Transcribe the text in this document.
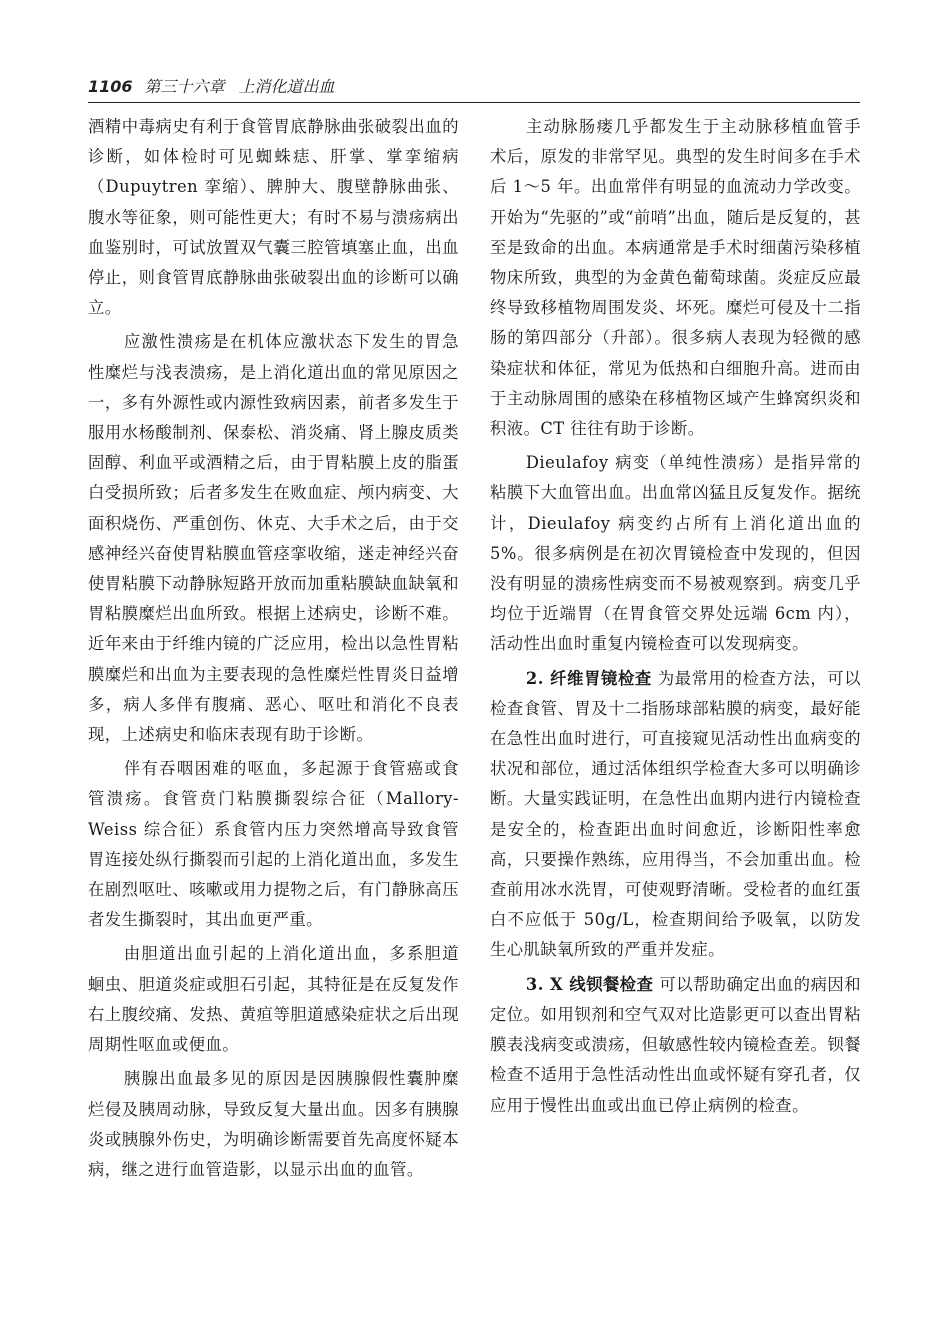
1106 第三十六章 上消化道出血

酒精中毒病史有利于食管胃底静脉曲张破裂出血的诊断，如体检时可见蜘蛛痣、肝掌、掌挛缩病（Dupuytren 挛缩）、脾肿大、腹壁静脉曲张、腹水等征象，则可能性更大；有时不易与溃疡病出血鉴别时，可试放置双气囊三腔管填塞止血，出血停止，则食管胃底静脉曲张破裂出血的诊断可以确立。

应激性溃疡是在机体应激状态下发生的胃急性糜烂与浅表溃疡，是上消化道出血的常见原因之一，多有外源性或内源性致病因素，前者多发生于服用水杨酸制剂、保泰松、消炎痛、肾上腺皮质类固醇、利血平或酒精之后，由于胃粘膜上皮的脂蛋白受损所致；后者多发生在败血症、颅内病变、大面积烧伤、严重创伤、休克、大手术之后，由于交感神经兴奋使胃粘膜血管痉挛收缩，迷走神经兴奋使胃粘膜下动静脉短路开放而加重粘膜缺血缺氧和胃粘膜糜烂出血所致。根据上述病史，诊断不难。近年来由于纤维内镜的广泛应用，检出以急性胃粘膜糜烂和出血为主要表现的急性糜烂性胃炎日益增多，病人多伴有腹痛、恶心、呕吐和消化不良表现，上述病史和临床表现有助于诊断。

伴有吞咽困难的呕血，多起源于食管癌或食管溃疡。食管贲门粘膜撕裂综合征（Mallory-Weiss 综合征）系食管内压力突然增高导致食管胃连接处纵行撕裂而引起的上消化道出血，多发生在剧烈呕吐、咳嗽或用力提物之后，有门静脉高压者发生撕裂时，其出血更严重。

由胆道出血引起的上消化道出血，多系胆道蛔虫、胆道炎症或胆石引起，其特征是在反复发作右上腹绞痛、发热、黄疸等胆道感染症状之后出现周期性呕血或便血。

胰腺出血最多见的原因是因胰腺假性囊肿糜烂侵及胰周动脉，导致反复大量出血。因多有胰腺炎或胰腺外伤史，为明确诊断需要首先高度怀疑本病，继之进行血管造影，以显示出血的血管。

主动脉肠瘘几乎都发生于主动脉移植血管手术后，原发的非常罕见。典型的发生时间多在手术后 1～5 年。出血常伴有明显的血流动力学改变。开始为“先驱的”或“前哨”出血，随后是反复的，甚至是致命的出血。本病通常是手术时细菌污染移植物床所致，典型的为金黄色葡萄球菌。炎症反应最终导致移植物周围发炎、坏死。糜烂可侵及十二指肠的第四部分（升部）。很多病人表现为轻微的感染症状和体征，常见为低热和白细胞升高。进而由于主动脉周围的感染在移植物区域产生蜂窝织炎和积液。CT 往往有助于诊断。

Dieulafoy 病变（单纯性溃疡）是指异常的粘膜下大血管出血。出血常凶猛且反复发作。据统计，Dieulafoy 病变约占所有上消化道出血的 5%。很多病例是在初次胃镜检查中发现的，但因没有明显的溃疡性病变而不易被观察到。病变几乎均位于近端胃（在胃食管交界处远端 6cm 内），活动性出血时重复内镜检查可以发现病变。

2. 纤维胃镜检查 为最常用的检查方法，可以检查食管、胃及十二指肠球部粘膜的病变，最好能在急性出血时进行，可直接窥见活动性出血病变的状况和部位，通过活体组织学检查大多可以明确诊断。大量实践证明，在急性出血期内进行内镜检查是安全的，检查距出血时间愈近，诊断阳性率愈高，只要操作熟练，应用得当，不会加重出血。检查前用冰水洗胃，可使观野清晰。受检者的血红蛋白不应低于 50g/L，检查期间给予吸氧，以防发生心肌缺氧所致的严重并发症。

3. X 线钡餐检查 可以帮助确定出血的病因和定位。如用钡剂和空气双对比造影更可以查出胃粘膜表浅病变或溃疡，但敏感性较内镜检查差。钡餐检查不适用于急性活动性出血或怀疑有穿孔者，仅应用于慢性出血或出血已停止病例的检查。
